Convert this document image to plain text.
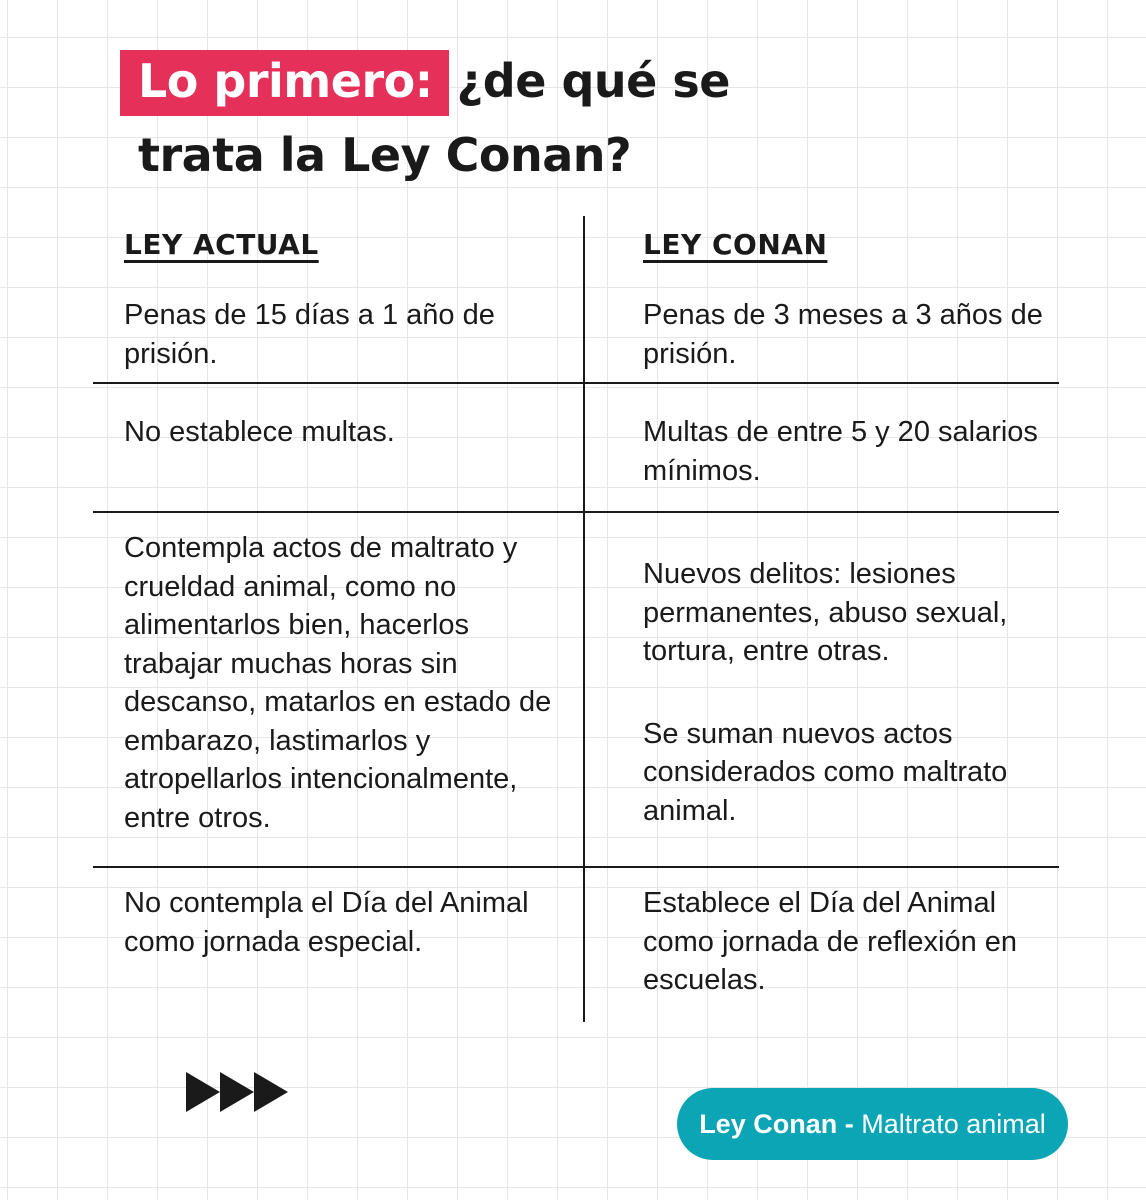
Lo primero: ¿de qué se
trata la Ley Conan?
LEY ACTUAL	LEY CONAN

Penas de 15 días a 1 año de prisión.

Penas de 3 meses a 3 años de prisión.

No establece multas.	Multas de entre 5 y 20 salarios mínimos.

Contempla actos de maltrato y crueldad animal, como no alimentarlos bien, hacerlos trabajar muchas horas sin descanso, matarlos en estado de embarazo, lastimarlos y atropellarlos intencionalmente, entre otros.

Nuevos delitos: lesiones permanentes, abuso sexual, tortura, entre otras.

Se suman nuevos actos considerados como maltrato animal.

No contempla el Día del Animal como jornada especial.

Establece el Día del Animal como jornada de reflexión en escuelas.

Ley Conan - Maltrato animal
